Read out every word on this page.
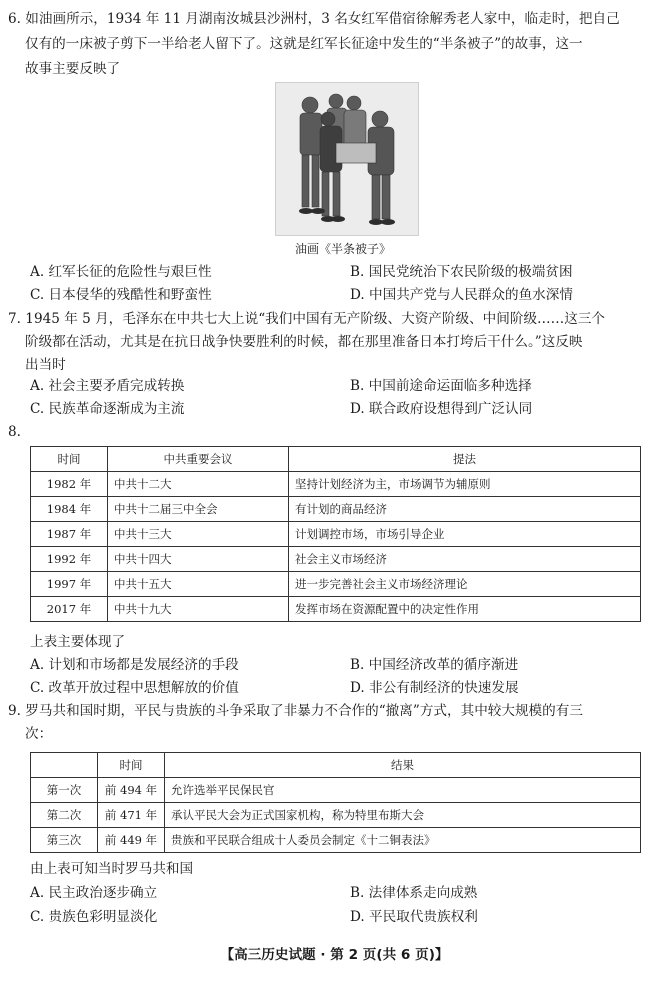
6. 如油画所示，1934 年 11 月湖南汝城县沙洲村，3 名女红军借宿徐解秀老人家中，临走时，把自己
仅有的一床被子剪下一半给老人留下了。这就是红军长征途中发生的“半条被子”的故事，这一
故事主要反映了
油画《半条被子》
A. 红军长征的危险性与艰巨性	B. 国民党统治下农民阶级的极端贫困
C. 日本侵华的残酷性和野蛮性	D. 中国共产党与人民群众的鱼水深情
7. 1945 年 5 月，毛泽东在中共七大上说“我们中国有无产阶级、大资产阶级、中间阶级……这三个
阶级都在活动，尤其是在抗日战争快要胜利的时候，都在那里准备日本打垮后干什么。”这反映
出当时
A. 社会主要矛盾完成转换	B. 中国前途命运面临多种选择
C. 民族革命逐渐成为主流	D. 联合政府设想得到广泛认同
8.
时间	中共重要会议	提法
1982 年	中共十二大	坚持计划经济为主，市场调节为辅原则
1984 年	中共十二届三中全会	有计划的商品经济
1987 年	中共十三大	计划调控市场，市场引导企业
1992 年	中共十四大	社会主义市场经济
1997 年	中共十五大	进一步完善社会主义市场经济理论
2017 年	中共十九大	发挥市场在资源配置中的决定性作用
上表主要体现了
A. 计划和市场都是发展经济的手段	B. 中国经济改革的循序渐进
C. 改革开放过程中思想解放的价值	D. 非公有制经济的快速发展
9. 罗马共和国时期，平民与贵族的斗争采取了非暴力不合作的“撤离”方式，其中较大规模的有三
次：
	时间	结果
第一次	前 494 年	允许选举平民保民官
第二次	前 471 年	承认平民大会为正式国家机构，称为特里布斯大会
第三次	前 449 年	贵族和平民联合组成十人委员会制定《十二铜表法》
由上表可知当时罗马共和国
A. 民主政治逐步确立	B. 法律体系走向成熟
C. 贵族色彩明显淡化	D. 平民取代贵族权利
【高三历史试题 · 第 2 页(共 6 页)】
